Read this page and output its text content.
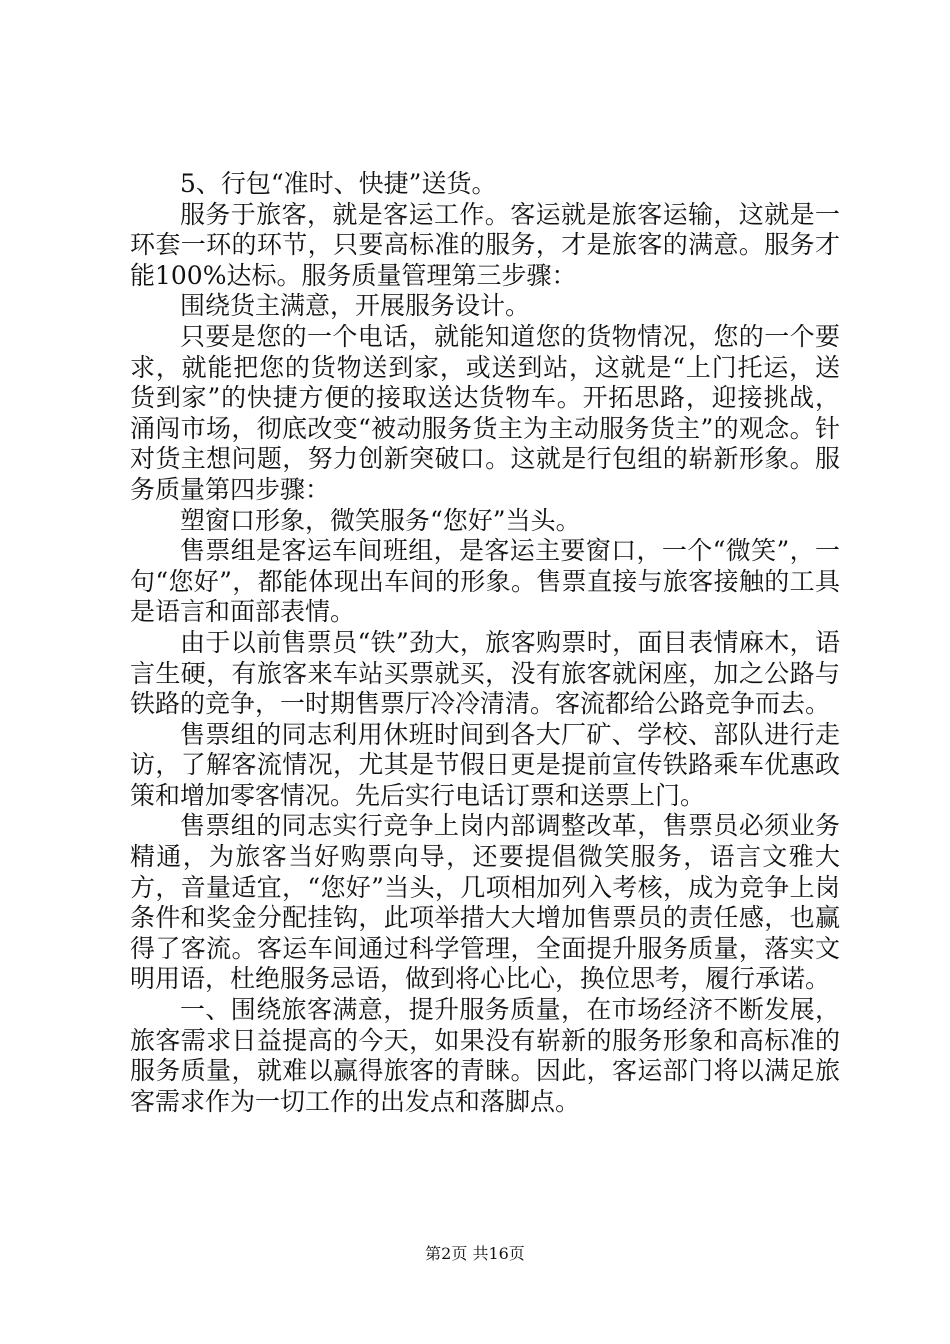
5、行包“准时、快捷”送货。

服务于旅客，就是客运工作。客运就是旅客运输，这就是一环套一环的环节，只要高标准的服务，才是旅客的满意。服务才能100%达标。服务质量管理第三步骤：

围绕货主满意，开展服务设计。

只要是您的一个电话，就能知道您的货物情况，您的一个要求，就能把您的货物送到家，或送到站，这就是“上门托运，送货到家”的快捷方便的接取送达货物车。开拓思路，迎接挑战，涌闯市场，彻底改变“被动服务货主为主动服务货主”的观念。针对货主想问题，努力创新突破口。这就是行包组的崭新形象。服务质量第四步骤：

塑窗口形象，微笑服务“您好”当头。

售票组是客运车间班组，是客运主要窗口，一个“微笑”，一句“您好”，都能体现出车间的形象。售票直接与旅客接触的工具是语言和面部表情。

由于以前售票员“铁”劲大，旅客购票时，面目表情麻木，语言生硬，有旅客来车站买票就买，没有旅客就闲座，加之公路与铁路的竞争，一时期售票厅冷冷清清。客流都给公路竞争而去。

售票组的同志利用休班时间到各大厂矿、学校、部队进行走访，了解客流情况，尤其是节假日更是提前宣传铁路乘车优惠政策和增加零客情况。先后实行电话订票和送票上门。

售票组的同志实行竞争上岗内部调整改革，售票员必须业务精通，为旅客当好购票向导，还要提倡微笑服务，语言文雅大方，音量适宜，“您好”当头，几项相加列入考核，成为竞争上岗条件和奖金分配挂钩，此项举措大大增加售票员的责任感，也赢得了客流。客运车间通过科学管理，全面提升服务质量，落实文明用语，杜绝服务忌语，做到将心比心，换位思考，履行承诺。

一、围绕旅客满意，提升服务质量，在市场经济不断发展，旅客需求日益提高的今天，如果没有崭新的服务形象和高标准的服务质量，就难以赢得旅客的青睐。因此，客运部门将以满足旅客需求作为一切工作的出发点和落脚点。

第2页 共16页
